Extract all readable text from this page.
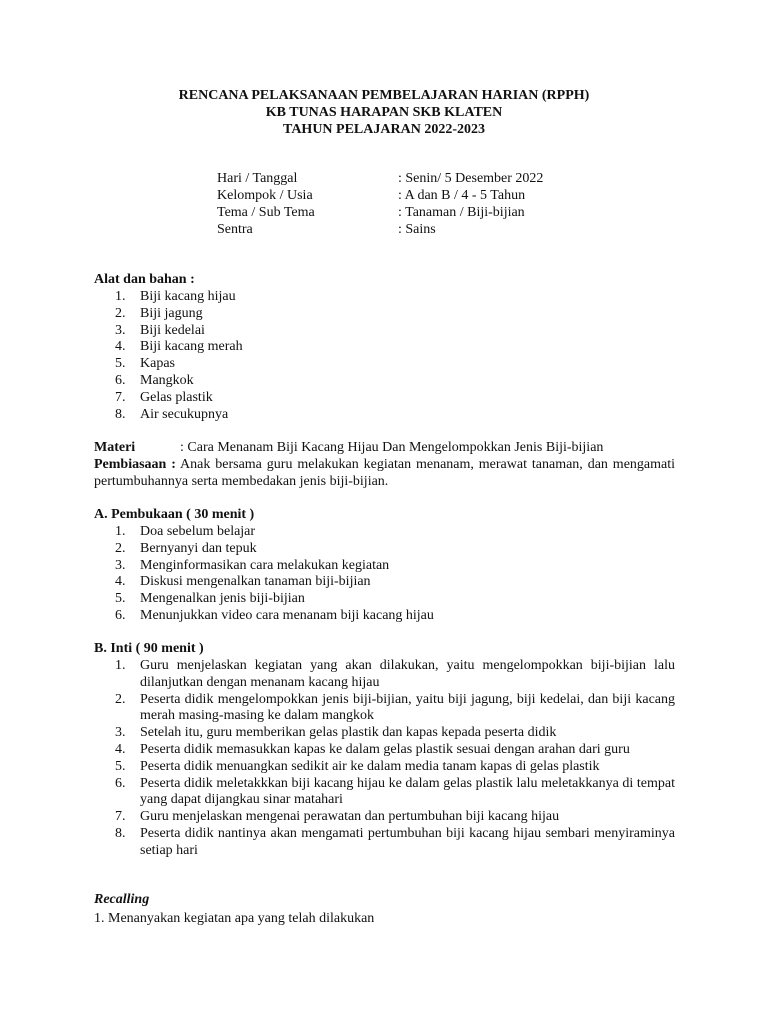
RENCANA PELAKSANAAN PEMBELAJARAN HARIAN (RPPH)
KB TUNAS HARAPAN SKB KLATEN
TAHUN PELAJARAN 2022-2023
Hari / Tanggal	: Senin/ 5 Desember 2022
Kelompok / Usia	: A dan B / 4 - 5 Tahun
Tema / Sub Tema	: Tanaman / Biji-bijian
Sentra	: Sains
Alat dan bahan :
1.	Biji kacang hijau
2.	Biji jagung
3.	Biji kedelai
4.	Biji kacang merah
5.	Kapas
6.	Mangkok
7.	Gelas plastik
8.	Air secukupnya
Materi	: Cara Menanam Biji Kacang Hijau Dan Mengelompokkan Jenis Biji-bijian
Pembiasaan : Anak bersama guru melakukan kegiatan menanam, merawat tanaman, dan mengamati pertumbuhannya serta membedakan jenis biji-bijian.
A. Pembukaan ( 30 menit )
1.	Doa sebelum belajar
2.	Bernyanyi dan tepuk
3.	Menginformasikan cara melakukan kegiatan
4.	Diskusi mengenalkan tanaman biji-bijian
5.	Mengenalkan jenis biji-bijian
6.	Menunjukkan video cara menanam biji kacang hijau
B. Inti ( 90 menit )
1.	Guru menjelaskan kegiatan yang akan dilakukan, yaitu mengelompokkan biji-bijian lalu dilanjutkan dengan menanam kacang hijau
2.	Peserta didik mengelompokkan jenis biji-bijian, yaitu biji jagung, biji kedelai, dan biji kacang merah masing-masing ke dalam mangkok
3.	Setelah itu, guru memberikan gelas plastik dan kapas kepada peserta didik
4.	Peserta didik memasukkan kapas ke dalam gelas plastik sesuai dengan arahan dari guru
5.	Peserta didik menuangkan sedikit air ke dalam media tanam kapas di gelas plastik
6.	Peserta didik meletakkkan biji kacang hijau ke dalam gelas plastik lalu meletakkanya di tempat yang dapat dijangkau sinar matahari
7.	Guru menjelaskan mengenai perawatan dan pertumbuhan biji kacang hijau
8.	Peserta didik nantinya akan mengamati pertumbuhan biji kacang hijau sembari menyiraminya setiap hari
Recalling
1. Menanyakan kegiatan apa yang telah dilakukan
